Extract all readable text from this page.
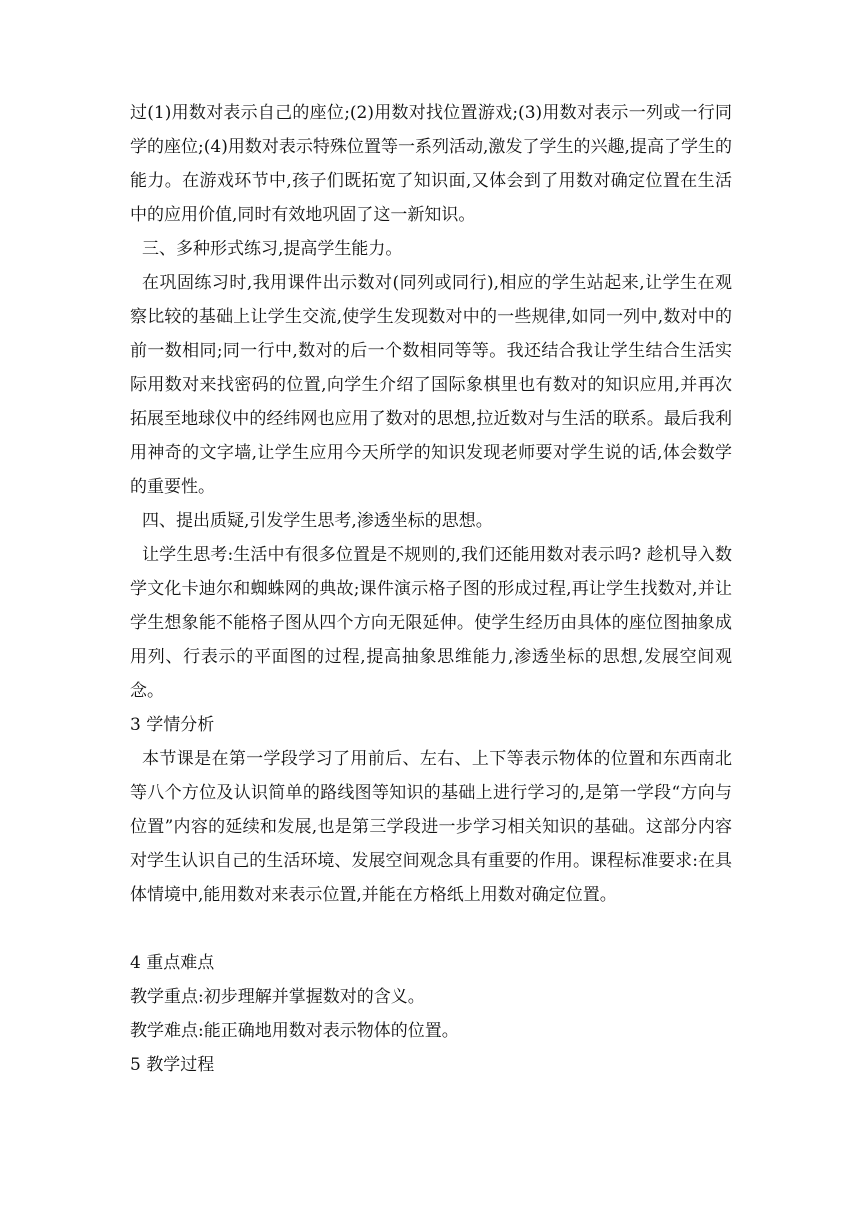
过(1)用数对表示自己的座位;(2)用数对找位置游戏;(3)用数对表示一列或一行同学的座位;(4)用数对表示特殊位置等一系列活动,激发了学生的兴趣,提高了学生的能力。在游戏环节中,孩子们既拓宽了知识面,又体会到了用数对确定位置在生活中的应用价值,同时有效地巩固了这一新知识。

三、多种形式练习,提高学生能力。

在巩固练习时,我用课件出示数对(同列或同行),相应的学生站起来,让学生在观察比较的基础上让学生交流,使学生发现数对中的一些规律,如同一列中,数对中的前一数相同;同一行中,数对的后一个数相同等等。我还结合我让学生结合生活实际用数对来找密码的位置,向学生介绍了国际象棋里也有数对的知识应用,并再次拓展至地球仪中的经纬网也应用了数对的思想,拉近数对与生活的联系。最后我利用神奇的文字墙,让学生应用今天所学的知识发现老师要对学生说的话,体会数学的重要性。

四、提出质疑,引发学生思考,渗透坐标的思想。

让学生思考:生活中有很多位置是不规则的,我们还能用数对表示吗? 趁机导入数学文化卡迪尔和蜘蛛网的典故;课件演示格子图的形成过程,再让学生找数对,并让学生想象能不能格子图从四个方向无限延伸。使学生经历由具体的座位图抽象成用列、行表示的平面图的过程,提高抽象思维能力,渗透坐标的思想,发展空间观念。

3 学情分析

本节课是在第一学段学习了用前后、左右、上下等表示物体的位置和东西南北等八个方位及认识简单的路线图等知识的基础上进行学习的,是第一学段“方向与位置”内容的延续和发展,也是第三学段进一步学习相关知识的基础。这部分内容对学生认识自己的生活环境、发展空间观念具有重要的作用。课程标准要求:在具体情境中,能用数对来表示位置,并能在方格纸上用数对确定位置。

4 重点难点

教学重点:初步理解并掌握数对的含义。

教学难点:能正确地用数对表示物体的位置。

5 教学过程
